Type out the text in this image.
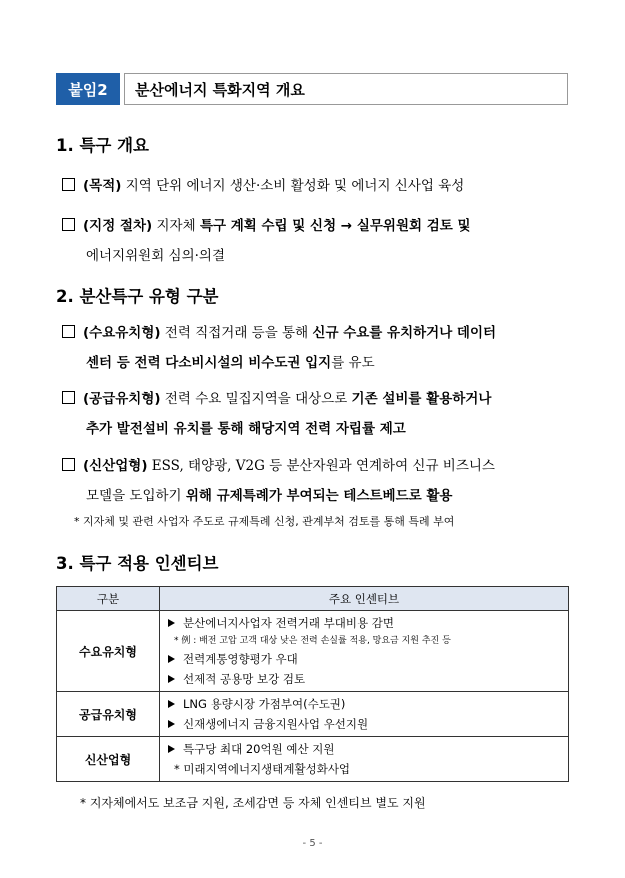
붙임2	분산에너지 특화지역 개요
1. 특구 개요
(목적) 지역 단위 에너지 생산·소비 활성화 및 에너지 신사업 육성
(지정 절차) 지자체 특구 계획 수립 및 신청 → 실무위원회 검토 및
에너지위원회 심의·의결
2. 분산특구 유형 구분
(수요유치형) 전력 직접거래 등을 통해 신규 수요를 유치하거나 데이터
센터 등 전력 다소비시설의 비수도권 입지를 유도
(공급유치형) 전력 수요 밀집지역을 대상으로 기존 설비를 활용하거나
추가 발전설비 유치를 통해 해당지역 전력 자립률 제고
(신산업형) ESS, 태양광, V2G 등 분산자원과 연계하여 신규 비즈니스
모델을 도입하기 위해 규제특례가 부여되는 테스트베드로 활용
* 지자체 및 관련 사업자 주도로 규제특례 신청, 관계부처 검토를 통해 특례 부여
3. 특구 적용 인센티브
구분	주요 인센티브
수요유치형	분산에너지사업자 전력거래 부대비용 감면
* 例 : 배전 고압 고객 대상 낮은 전력 손실률 적용, 망요금 지원 추진 등
전력계통영향평가 우대
선제적 공용망 보강 검토

공급유치형	LNG 용량시장 가점부여(수도권)
신재생에너지 금융지원사업 우선지원

신산업형	특구당 최대 20억원 예산 지원
* 미래지역에너지생태계활성화사업
* 지자체에서도 보조금 지원, 조세감면 등 자체 인센티브 별도 지원
- 5 -
